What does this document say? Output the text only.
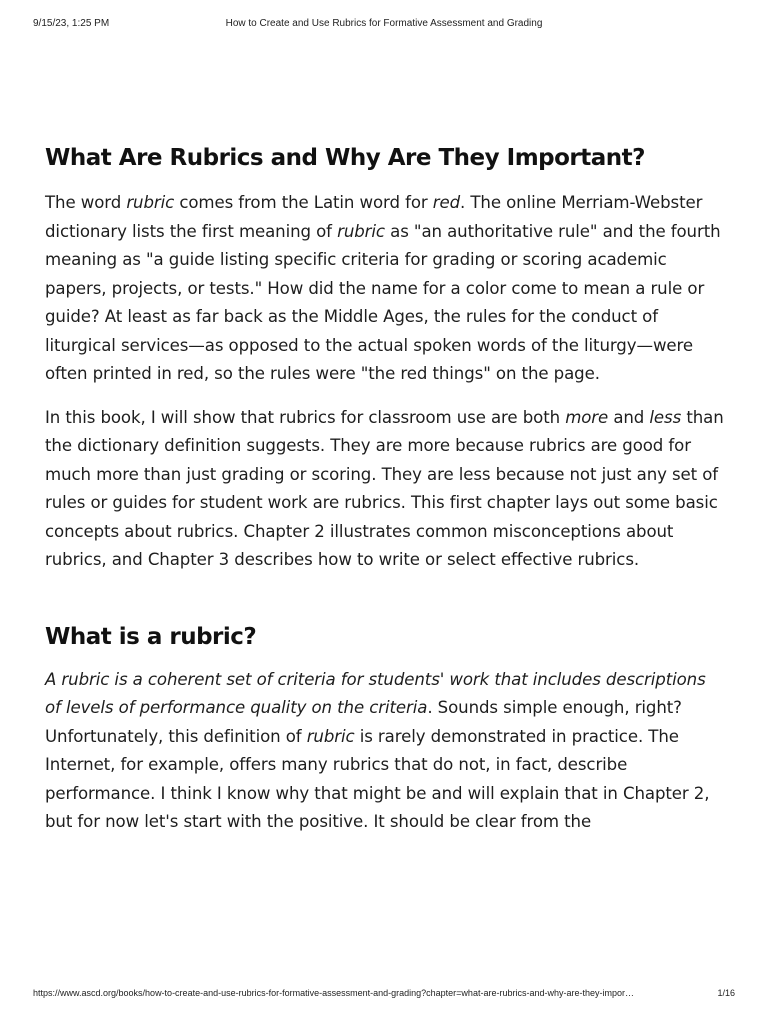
9/15/23, 1:25 PM	How to Create and Use Rubrics for Formative Assessment and Grading
What Are Rubrics and Why Are They Important?

The word rubric comes from the Latin word for red. The online Merriam-Webster dictionary lists the first meaning of rubric as "an authoritative rule" and the fourth meaning as "a guide listing specific criteria for grading or scoring academic papers, projects, or tests." How did the name for a color come to mean a rule or guide? At least as far back as the Middle Ages, the rules for the conduct of liturgical services—as opposed to the actual spoken words of the liturgy—were often printed in red, so the rules were "the red things" on the page.

In this book, I will show that rubrics for classroom use are both more and less than the dictionary definition suggests. They are more because rubrics are good for much more than just grading or scoring. They are less because not just any set of rules or guides for student work are rubrics. This first chapter lays out some basic concepts about rubrics. Chapter 2 illustrates common misconceptions about rubrics, and Chapter 3 describes how to write or select effective rubrics.

What is a rubric?

A rubric is a coherent set of criteria for students' work that includes descriptions of levels of performance quality on the criteria. Sounds simple enough, right? Unfortunately, this definition of rubric is rarely demonstrated in practice. The Internet, for example, offers many rubrics that do not, in fact, describe performance. I think I know why that might be and will explain that in Chapter 2, but for now let's start with the positive. It should be clear from the

https://www.ascd.org/books/how-to-create-and-use-rubrics-for-formative-assessment-and-grading?chapter=what-are-rubrics-and-why-are-they-impor…	1/16
